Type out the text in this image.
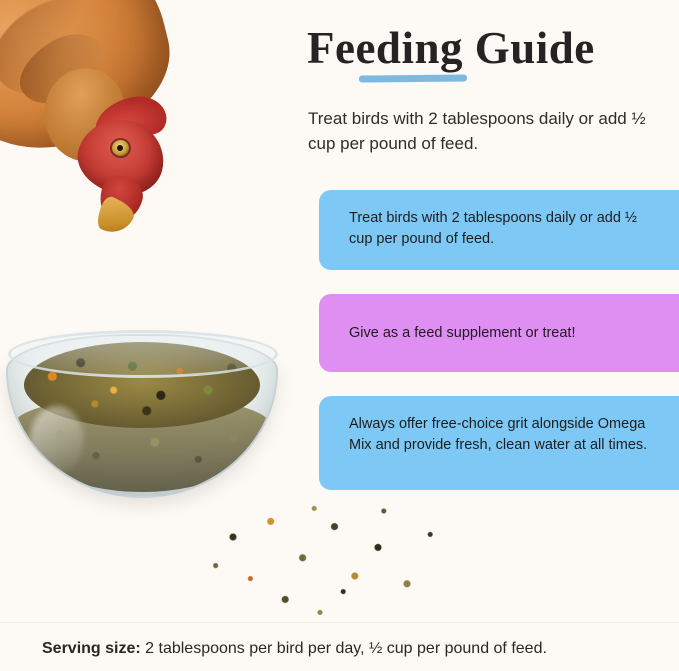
Feeding Guide
Treat birds with 2 tablespoons daily or add ½ cup per pound of feed.
Treat birds with 2 tablespoons daily or add ½ cup per pound of feed.
Give as a feed supplement or treat!
Always offer free-choice grit alongside Omega Mix and provide fresh, clean water at all times.
Serving size: 2 tablespoons per bird per day, ½ cup per pound of feed.
